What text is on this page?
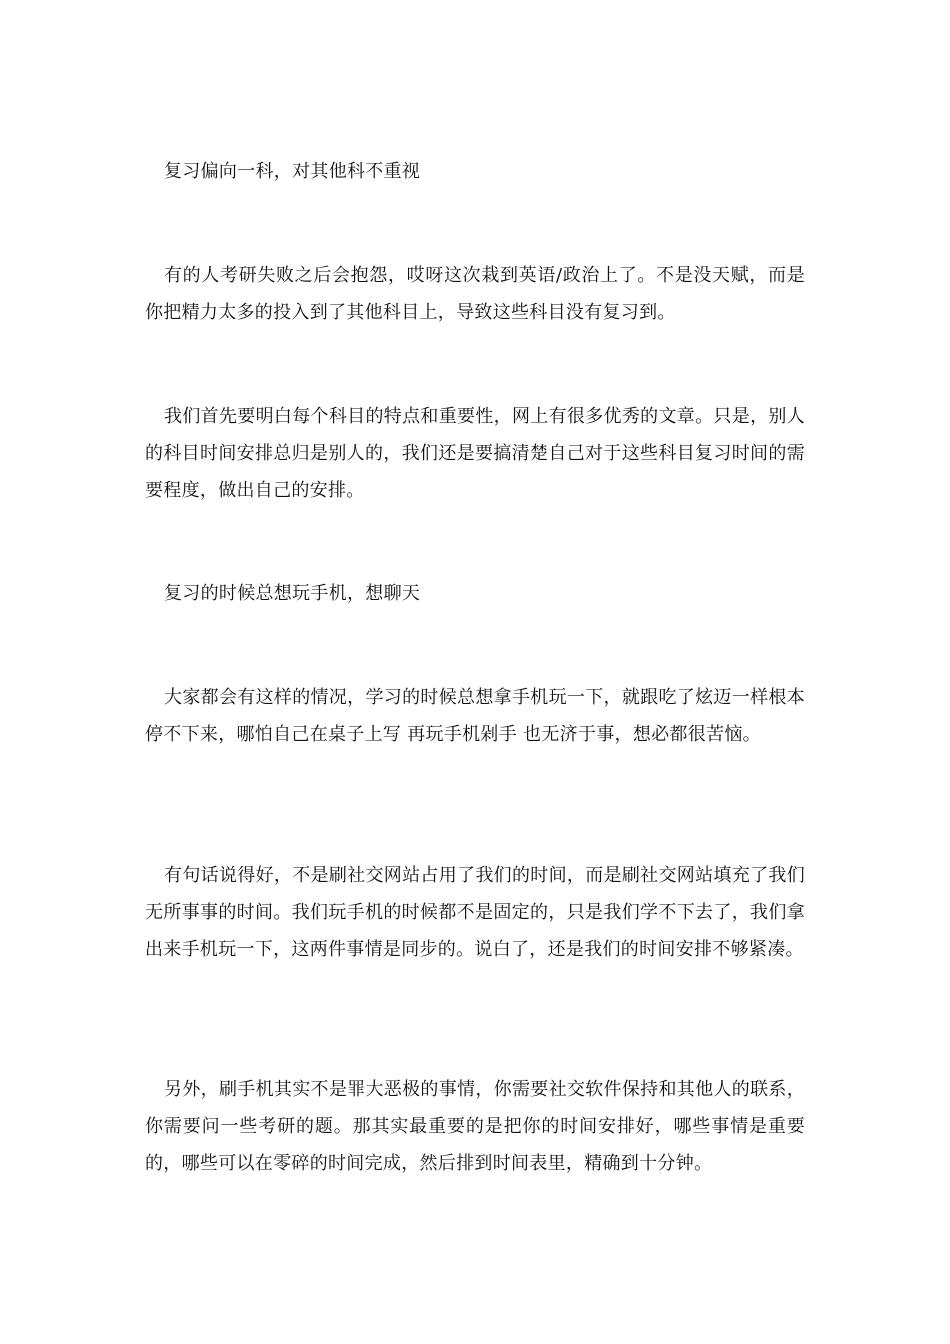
复习偏向一科，对其他科不重视

有的人考研失败之后会抱怨，哎呀这次栽到英语/政治上了。不是没天赋，而是你把精力太多的投入到了其他科目上，导致这些科目没有复习到。

我们首先要明白每个科目的特点和重要性，网上有很多优秀的文章。只是，别人的科目时间安排总归是别人的，我们还是要搞清楚自己对于这些科目复习时间的需要程度，做出自己的安排。

复习的时候总想玩手机，想聊天

大家都会有这样的情况，学习的时候总想拿手机玩一下，就跟吃了炫迈一样根本停不下来，哪怕自己在桌子上写 再玩手机剁手 也无济于事，想必都很苦恼。

有句话说得好，不是刷社交网站占用了我们的时间，而是刷社交网站填充了我们无所事事的时间。我们玩手机的时候都不是固定的，只是我们学不下去了，我们拿出来手机玩一下，这两件事情是同步的。说白了，还是我们的时间安排不够紧凑。

另外，刷手机其实不是罪大恶极的事情，你需要社交软件保持和其他人的联系，你需要问一些考研的题。那其实最重要的是把你的时间安排好，哪些事情是重要的，哪些可以在零碎的时间完成，然后排到时间表里，精确到十分钟。
